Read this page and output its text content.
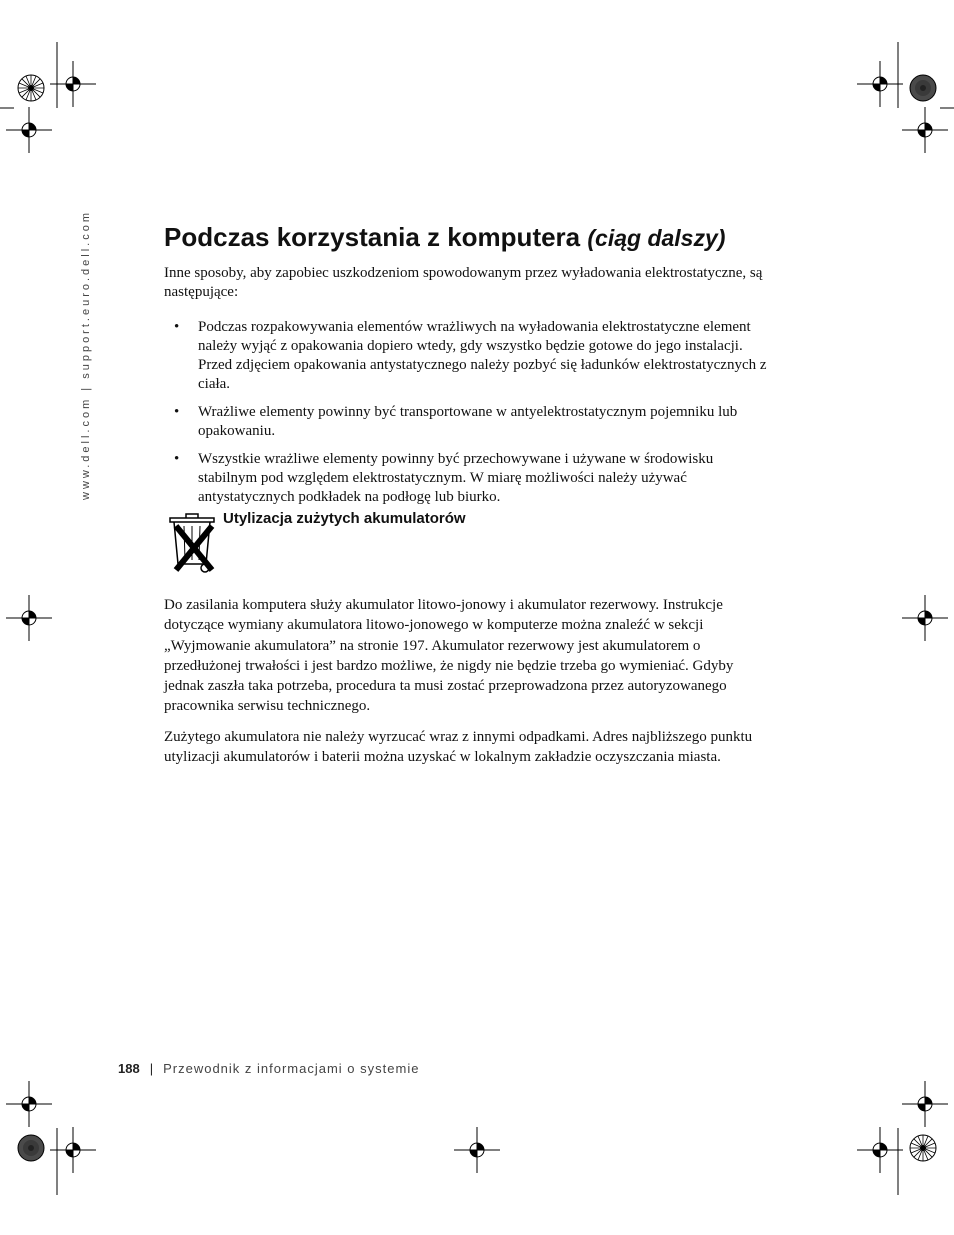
www.dell.com | support.euro.dell.com	Podczas korzystania z komputera (ciąg dalszy)

Inne sposoby, aby zapobiec uszkodzeniom spowodowanym przez wyładowania elektrostatyczne, są następujące:

• Podczas rozpakowywania elementów wrażliwych na wyładowania elektrostatyczne element należy wyjąć z opakowania dopiero wtedy, gdy wszystko będzie gotowe do jego instalacji. Przed zdjęciem opakowania antystatycznego należy pozbyć się ładunków elektrostatycznych z ciała.
• Wrażliwe elementy powinny być transportowane w antyelektrostatycznym pojemniku lub opakowaniu.
• Wszystkie wrażliwe elementy powinny być przechowywane i używane w środowisku stabilnym pod względem elektrostatycznym. W miarę możliwości należy używać antystatycznych podkładek na podłogę lub biurko.
Utylizacja zużytych akumulatorów

Do zasilania komputera służy akumulator litowo-jonowy i akumulator rezerwowy. Instrukcje dotyczące wymiany akumulatora litowo-jonowego w komputerze można znaleźć w sekcji „Wyjmowanie akumulatora” na stronie 197. Akumulator rezerwowy jest akumulatorem o przedłużonej trwałości i jest bardzo możliwe, że nigdy nie będzie trzeba go wymieniać. Gdyby jednak zaszła taka potrzeba, procedura ta musi zostać przeprowadzona przez autoryzowanego pracownika serwisu technicznego.

Zużytego akumulatora nie należy wyrzucać wraz z innymi odpadkami. Adres najbliższego punktu utylizacji akumulatorów i baterii można uzyskać w lokalnym zakładzie oczyszczania miasta.

188 | Przewodnik z informacjami o systemie
